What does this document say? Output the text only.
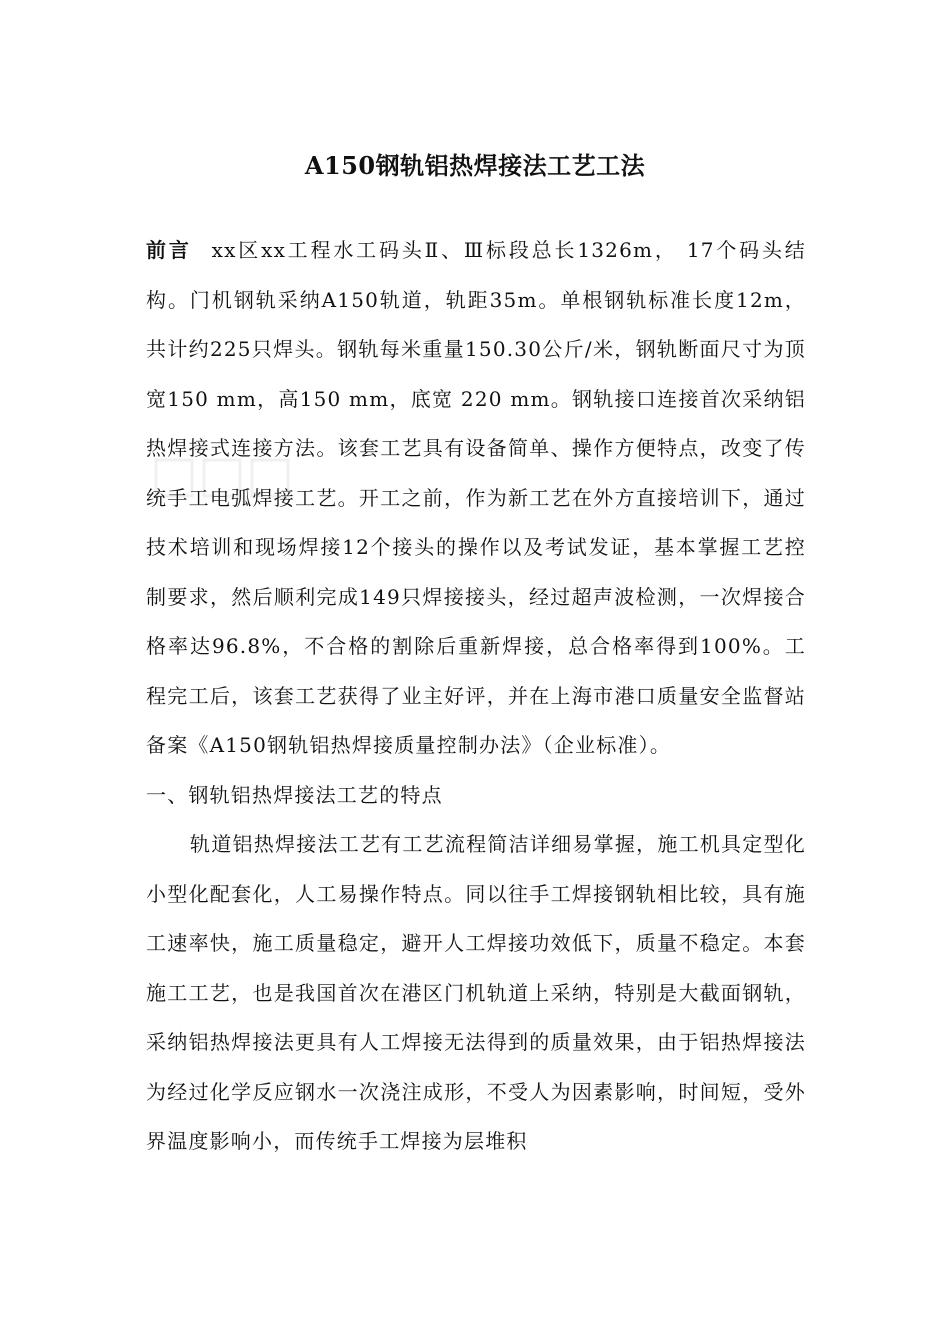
A150钢轨铝热焊接法工艺工法

前言 xx区xx工程水工码头Ⅱ、Ⅲ标段总长1326m， 17个码头结构。门机钢轨采纳A150轨道，轨距35m。单根钢轨标准长度12m，共计约225只焊头。钢轨每米重量150.30公斤/米，钢轨断面尺寸为顶宽150 mm，高150 mm，底宽 220 mm。钢轨接口连接首次采纳铝热焊接式连接方法。该套工艺具有设备简单、操作方便特点，改变了传统手工电弧焊接工艺。开工之前，作为新工艺在外方直接培训下，通过技术培训和现场焊接12个接头的操作以及考试发证，基本掌握工艺控制要求，然后顺利完成149只焊接接头，经过超声波检测，一次焊接合格率达96.8%，不合格的割除后重新焊接，总合格率得到100%。工程完工后，该套工艺获得了业主好评，并在上海市港口质量安全监督站备案《A150钢轨铝热焊接质量控制办法》（企业标准）。

一、钢轨铝热焊接法工艺的特点

轨道铝热焊接法工艺有工艺流程简洁详细易掌握，施工机具定型化小型化配套化，人工易操作特点。同以往手工焊接钢轨相比较，具有施工速率快，施工质量稳定，避开人工焊接功效低下，质量不稳定。本套施工工艺，也是我国首次在港区门机轨道上采纳，特别是大截面钢轨，采纳铝热焊接法更具有人工焊接无法得到的质量效果，由于铝热焊接法为经过化学反应钢水一次浇注成形，不受人为因素影响，时间短，受外界温度影响小，而传统手工焊接为层堆积
